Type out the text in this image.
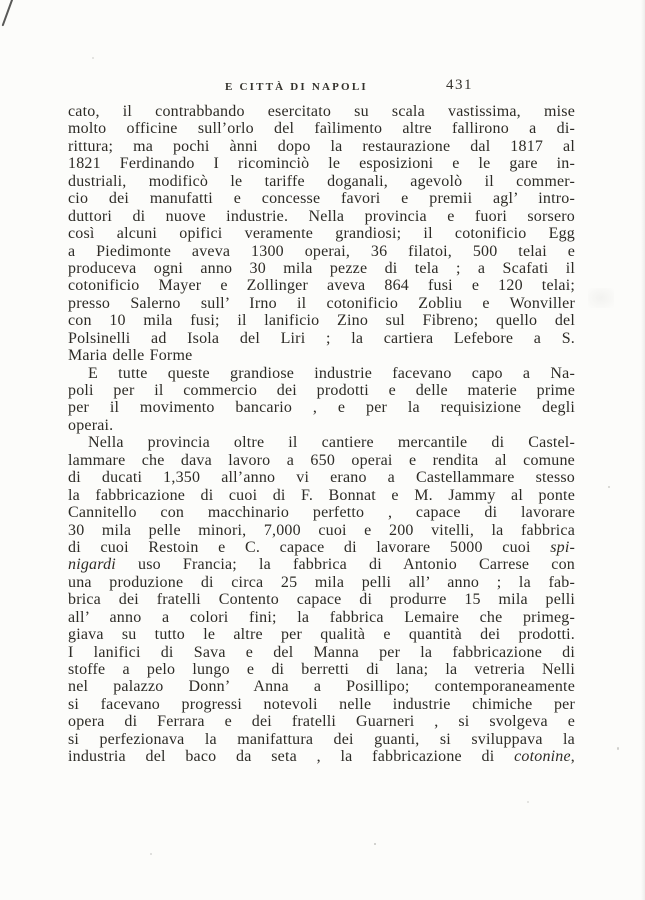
E CITTÀ DI NAPOLI	431
cato, il contrabbando esercitato su scala vastissima, mise
molto officine sull’orlo del faìlimento altre fallirono a di-
rittura; ma pochi ànni dopo la restaurazione dal 1817 al
1821 Ferdinando I ricominciò le esposizioni e le gare in-
dustriali, modificò le tariffe doganali, agevolò il commer-
cio dei manufatti e concesse favori e premii agl’ intro-
duttori di nuove industrie. Nella provincia e fuori sorsero
così alcuni opifici veramente grandiosi; il cotonificio Egg
a Piedimonte aveva 1300 operai, 36 filatoi, 500 telai e
produceva ogni anno 30 mila pezze di tela ; a Scafati il
cotonificio Mayer e Zollinger aveva 864 fusi e 120 telai;
presso Salerno sull’ Irno il cotonificio Zobliu e Wonviller
con 10 mila fusi; il lanificio Zino sul Fibreno; quello del
Polsinelli ad Isola del Liri ; la cartiera Lefebore a S.
Maria delle Forme
E tutte queste grandiose industrie facevano capo a Na-
poli per il commercio dei prodotti e delle materie prime
per il movimento bancario , e per la requisizione degli
operai.
Nella provincia oltre il cantiere mercantile di Castel-
lammare che dava lavoro a 650 operai e rendita al comune
di ducati 1,350 all’anno vi erano a Castellammare stesso
la fabbricazione di cuoi di F. Bonnat e M. Jammy al ponte
Cannitello con macchinario perfetto , capace di lavorare
30 mila pelle minori, 7,000 cuoi e 200 vitelli, la fabbrica
di cuoi Restoin e C. capace di lavorare 5000 cuoi spi-
nigardi uso Francia; la fabbrica di Antonio Carrese con
una produzione di circa 25 mila pelli all’ anno ; la fab-
brica dei fratelli Contento capace di produrre 15 mila pelli
all’ anno a colori fini; la fabbrica Lemaire che primeg-
giava su tutto le altre per qualità e quantità dei prodotti.
I lanifici di Sava e del Manna per la fabbricazione di
stoffe a pelo lungo e di berretti di lana; la vetreria Nelli
nel palazzo Donn’ Anna a Posillipo; contemporaneamente
si facevano progressi notevoli nelle industrie chimiche per
opera di Ferrara e dei fratelli Guarneri , si svolgeva e
si perfezionava la manifattura dei guanti, si sviluppava la
industria del baco da seta , la fabbricazione di cotonine,
